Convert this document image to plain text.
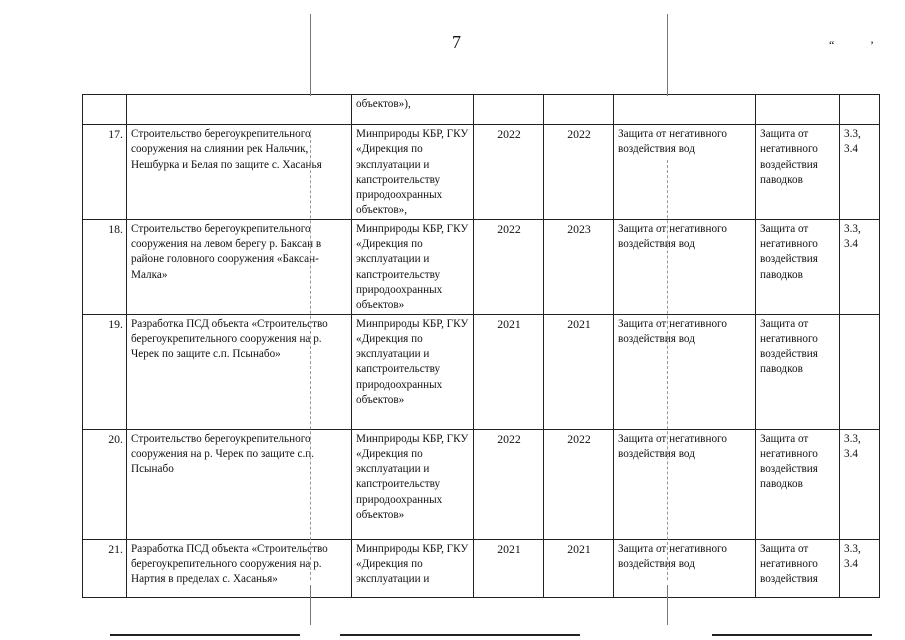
7	“	’
		объектов»),					
17.	Строительство берегоукрепительного сооружения на слиянии рек Нальчик, Нешбурка и Белая по защите с. Хасанья	Минприроды КБР, ГКУ «Дирекция по эксплуатации и капстроительству природоохранных объектов»,	2022	2022	Защита от негативного воздействия вод	Защита от негативного воздействия паводков	3.3, 3.4
18.	Строительство берегоукрепительного сооружения на левом берегу р. Баксан в районе головного сооружения «Баксан-Малка»	Минприроды КБР, ГКУ «Дирекция по эксплуатации и капстроительству природоохранных объектов»	2022	2023	Защита от негативного воздействия вод	Защита от негативного воздействия паводков	3.3, 3.4
19.	Разработка ПСД объекта «Строительство берегоукрепительного сооружения на р. Черек по защите с.п. Псынабо»	Минприроды КБР, ГКУ «Дирекция по эксплуатации и капстроительству природоохранных объектов»	2021	2021	Защита от негативного воздействия вод	Защита от негативного воздействия паводков	
20.	Строительство берегоукрепительного сооружения на р. Черек по защите с.п. Псынабо	Минприроды КБР, ГКУ «Дирекция по эксплуатации и капстроительству природоохранных объектов»	2022	2022	Защита от негативного воздействия вод	Защита от негативного воздействия паводков	3.3, 3.4
21.	Разработка ПСД объекта «Строительство берегоукрепительного сооружения на р. Нартия в пределах с. Хасанья»	Минприроды КБР, ГКУ «Дирекция по эксплуатации и	2021	2021	Защита от негативного воздействия вод	Защита от негативного воздействия	3.3, 3.4
